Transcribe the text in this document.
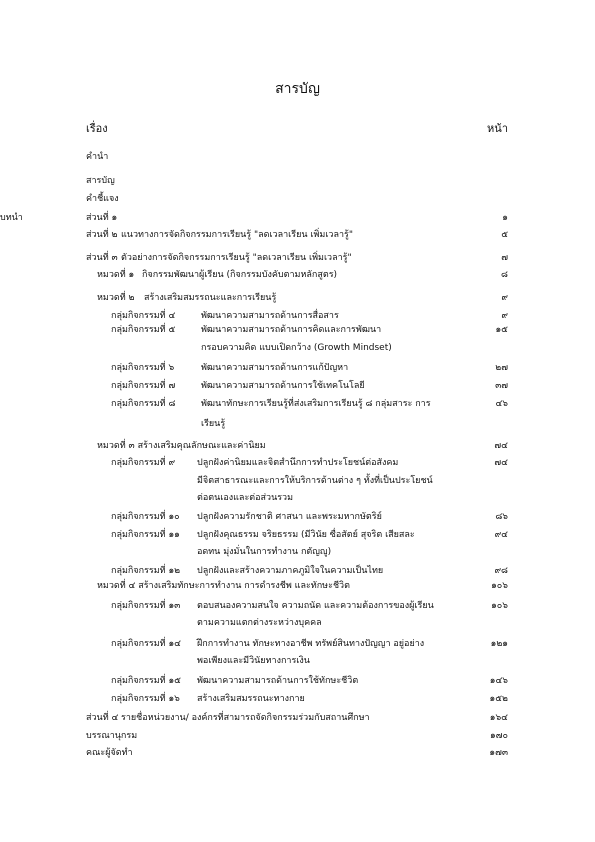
สารบัญ
เรื่อง	หน้า
คำนำ
สารบัญ
คำชี้แจง
ส่วนที่ ๑
บทนำ	๑
ส่วนที่ ๒ แนวทางการจัดกิจกรรมการเรียนรู้ "ลดเวลาเรียน เพิ่มเวลารู้"	๕
ส่วนที่ ๓ ตัวอย่างการจัดกิจกรรมการเรียนรู้ "ลดเวลาเรียน เพิ่มเวลารู้"	๗
หมวดที่ ๑ กิจกรรมพัฒนาผู้เรียน (กิจกรรมบังคับตามหลักสูตร)	๘
หมวดที่ ๒ สร้างเสริมสมรรถนะและการเรียนรู้	๙
กลุ่มกิจกรรมที่ ๔	พัฒนาความสามารถด้านการสื่อสาร	๙
กลุ่มกิจกรรมที่ ๕	พัฒนาความสามารถด้านการคิดและการพัฒนา	๑๕
กรอบความคิด แบบเปิดกว้าง (Growth Mindset)
กลุ่มกิจกรรมที่ ๖	พัฒนาความสามารถด้านการแก้ปัญหา	๒๗
กลุ่มกิจกรรมที่ ๗	พัฒนาความสามารถด้านการใช้เทคโนโลยี	๓๗
กลุ่มกิจกรรมที่ ๘	พัฒนาทักษะการเรียนรู้ที่ส่งเสริมการเรียนรู้ ๘ กลุ่มสาระ การ	๔๖
เรียนรู้
หมวดที่ ๓ สร้างเสริมคุณลักษณะและค่านิยม	๗๔
กลุ่มกิจกรรมที่ ๙ ปลูกฝังค่านิยมและจิตสำนึกการทำประโยชน์ต่อสังคม	๗๔
มีจิตสาธารณะและการให้บริการด้านต่าง ๆ ทั้งที่เป็นประโยชน์
ต่อตนเองและต่อส่วนรวม
กลุ่มกิจกรรมที่ ๑๐ ปลูกฝังความรักชาติ ศาสนา และพระมหากษัตริย์	๘๖
กลุ่มกิจกรรมที่ ๑๑ ปลูกฝังคุณธรรม จริยธรรม (มีวินัย ซื่อสัตย์ สุจริต เสียสละ	๙๔
อดทน มุ่งมั่นในการทำงาน กตัญญู)
กลุ่มกิจกรรมที่ ๑๒ ปลูกฝังและสร้างความภาคภูมิใจในความเป็นไทย	๙๘
หมวดที่ ๔ สร้างเสริมทักษะการทำงาน การดำรงชีพ และทักษะชีวิต	๑๐๖
กลุ่มกิจกรรมที่ ๑๓ ตอบสนองความสนใจ ความถนัด และความต้องการของผู้เรียน	๑๐๖
ตามความแตกต่างระหว่างบุคคล
กลุ่มกิจกรรมที่ ๑๔ ฝึกการทำงาน ทักษะทางอาชีพ ทรัพย์สินทางปัญญา อยู่อย่าง	๑๒๑
พอเพียงและมีวินัยทางการเงิน
กลุ่มกิจกรรมที่ ๑๕ พัฒนาความสามารถด้านการใช้ทักษะชีวิต	๑๔๖
กลุ่มกิจกรรมที่ ๑๖ สร้างเสริมสมรรถนะทางกาย	๑๕๒
ส่วนที่ ๔ รายชื่อหน่วยงาน/ องค์กรที่สามารถจัดกิจกรรมร่วมกับสถานศึกษา	๑๖๔
บรรณานุกรม	๑๗๐
คณะผู้จัดทำ	๑๗๓
